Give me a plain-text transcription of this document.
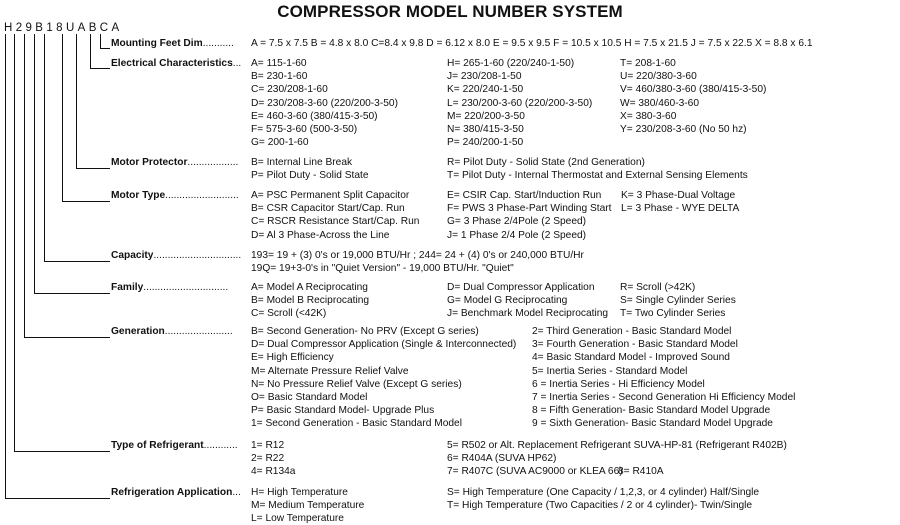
COMPRESSOR MODEL NUMBER SYSTEM
H29B18UABCA
Mounting Feet Dim........... A = 7.5 x 7.5 B = 4.8 x 8.0 C=8.4 x 9.8 D = 6.12 x 8.0 E = 9.5 x 9.5 F = 10.5 x 10.5 H = 7.5 x 21.5 J = 7.5 x 22.5 X = 8.8 x 6.1
Electrical Characteristics... A= 115-1-60
B= 230-1-60
C= 230/208-1-60
D= 230/208-3-60 (220/200-3-50)
E= 460-3-60 (380/415-3-50)
F= 575-3-60 (500-3-50)
G= 200-1-60
H= 265-1-60 (220/240-1-50)
J= 230/208-1-50
K= 220/240-1-50
L= 230/200-3-60 (220/200-3-50)
M= 220/200-3-50
N= 380/415-3-50
P= 240/200-1-50
T= 208-1-60
U= 220/380-3-60
V= 460/380-3-60 (380/415-3-50)
W= 380/460-3-60
X= 380-3-60
Y= 230/208-3-60 (No 50 hz)
Motor Protector.................. B= Internal Line Break
P= Pilot Duty - Solid State
R= Pilot Duty - Solid State (2nd Generation)
T= Pilot Duty - Internal Thermostat and External Sensing Elements
Motor Type.......................... A= PSC Permanent Split Capacitor
B= CSR Capacitor Start/Cap. Run
C= RSCR Resistance Start/Cap. Run
D= Al 3 Phase-Across the Line
E= CSIR Cap. Start/Induction Run
F= PWS 3 Phase-Part Winding Start
G= 3 Phase 2/4Pole (2 Speed)
J= 1 Phase 2/4 Pole (2 Speed)
K= 3 Phase-Dual Voltage
L= 3 Phase - WYE DELTA
Capacity............................... 193= 19 + (3) 0's or 19,000 BTU/Hr ; 244= 24 + (4) 0's or 240,000 BTU/Hr
19Q= 19+3-0's in "Quiet Version" - 19,000 BTU/Hr. "Quiet"
Family.............................. A= Model A Reciprocating
B= Model B Reciprocating
C= Scroll (<42K)
D= Dual Compressor Application
G= Model G Reciprocating
J= Benchmark Model Reciprocating
R= Scroll (>42K)
S= Single Cylinder Series
T= Two Cylinder Series
Generation........................ B= Second Generation- No PRV (Except G series)
D= Dual Compressor Application (Single & Interconnected)
E= High Efficiency
M= Alternate Pressure Relief Valve
N= No Pressure Relief Valve (Except G series)
O= Basic Standard Model
P= Basic Standard Model- Upgrade Plus
1= Second Generation - Basic Standard Model
2= Third Generation - Basic Standard Model
3= Fourth Generation - Basic Standard Model
4= Basic Standard Model - Improved Sound
5= Inertia Series - Standard Model
6 = Inertia Series - Hi Efficiency Model
7 = Inertia Series - Second Generation Hi Efficiency Model
8 = Fifth Generation- Basic Standard Model Upgrade
9 = Sixth Generation- Basic Standard Model Upgrade
Type of Refrigerant............ 1= R12
2= R22
4= R134a
5= R502 or Alt. Replacement Refrigerant SUVA-HP-81 (Refrigerant R402B)
6= R404A (SUVA HP62)
7= R407C (SUVA AC9000 or KLEA 66)
8= R410A
Refrigeration Application... H= High Temperature
M= Medium Temperature
L= Low Temperature
S= High Temperature (One Capacity / 1,2,3, or 4 cylinder) Half/Single
T= High Temperature (Two Capacities / 2 or 4 cylinder)- Twin/Single
